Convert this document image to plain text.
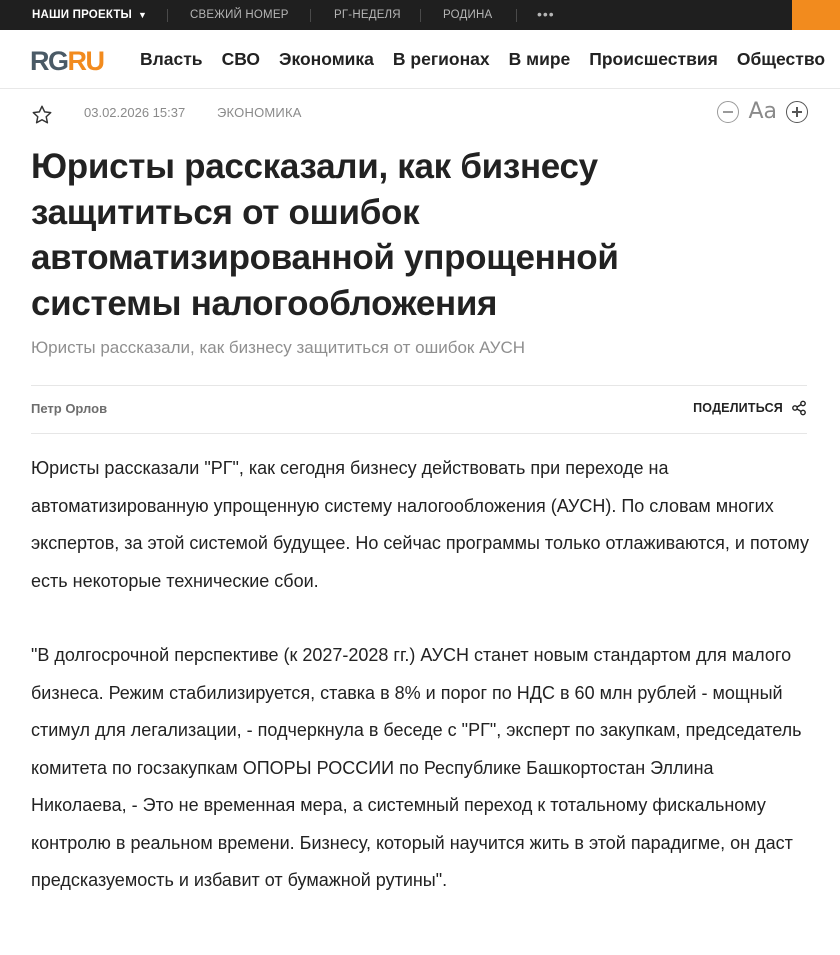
НАШИ ПРОЕКТЫ ▼	СВЕЖИЙ НОМЕР	РГ-НЕДЕЛЯ	РОДИНА	•••
RGRU Власть СВО Экономика В регионах В мире Происшествия Общество
03.02.2026 15:37 ЭКОНОМИКА	Аа
Юристы рассказали, как бизнесу защититься от ошибок автоматизированной упрощенной системы налогообложения
Юристы рассказали, как бизнесу защититься от ошибок АУСН
Петр Орлов	ПОДЕЛИТЬСЯ

Юристы рассказали "РГ", как сегодня бизнесу действовать при переходе на автоматизированную упрощенную систему налогообложения (АУСН). По словам многих экспертов, за этой системой будущее. Но сейчас программы только отлаживаются, и потому есть некоторые технические сбои.

"В долгосрочной перспективе (к 2027-2028 гг.) АУСН станет новым стандартом для малого бизнеса. Режим стабилизируется, ставка в 8% и порог по НДС в 60 млн рублей - мощный стимул для легализации, - подчеркнула в беседе с "РГ", эксперт по закупкам, председатель комитета по госзакупкам ОПОРЫ РОССИИ по Республике Башкортостан Эллина Николаева, - Это не временная мера, а системный переход к тотальному фискальному контролю в реальном времени. Бизнесу, который научится жить в этой парадигме, он даст предсказуемость и избавит от бумажной рутины".
